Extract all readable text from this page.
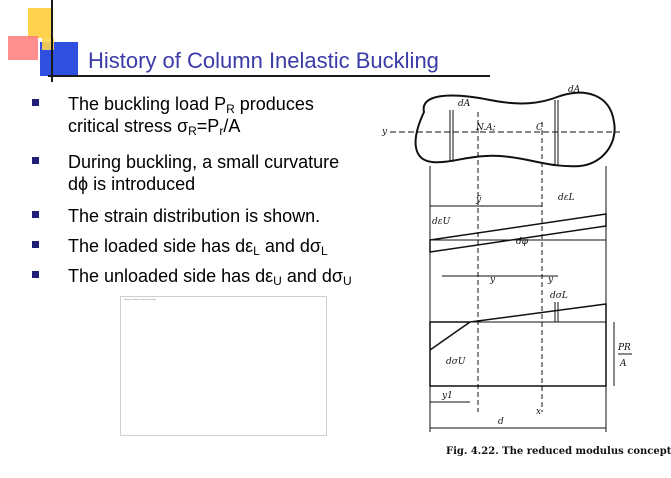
History of Column Inelastic Buckling
The buckling load $P_R$ produces
critical stress $\sigma_R=P_r/A$
During buckling, a small curvature
dϕ is introduced
The strain distribution is shown.
The loaded side has $d\varepsilon_L$ and $d\sigma_L$
The unloaded side has $d\varepsilon_U$ and $d\sigma_U$
History of Column Inelastic Buckling
dA
dA
y	N.A;	C
ȳ	dεL
dεU
dφ
y	y
dσL
dσU
PR
A
y1
x
d
Fig. 4.22. The reduced modulus concept
